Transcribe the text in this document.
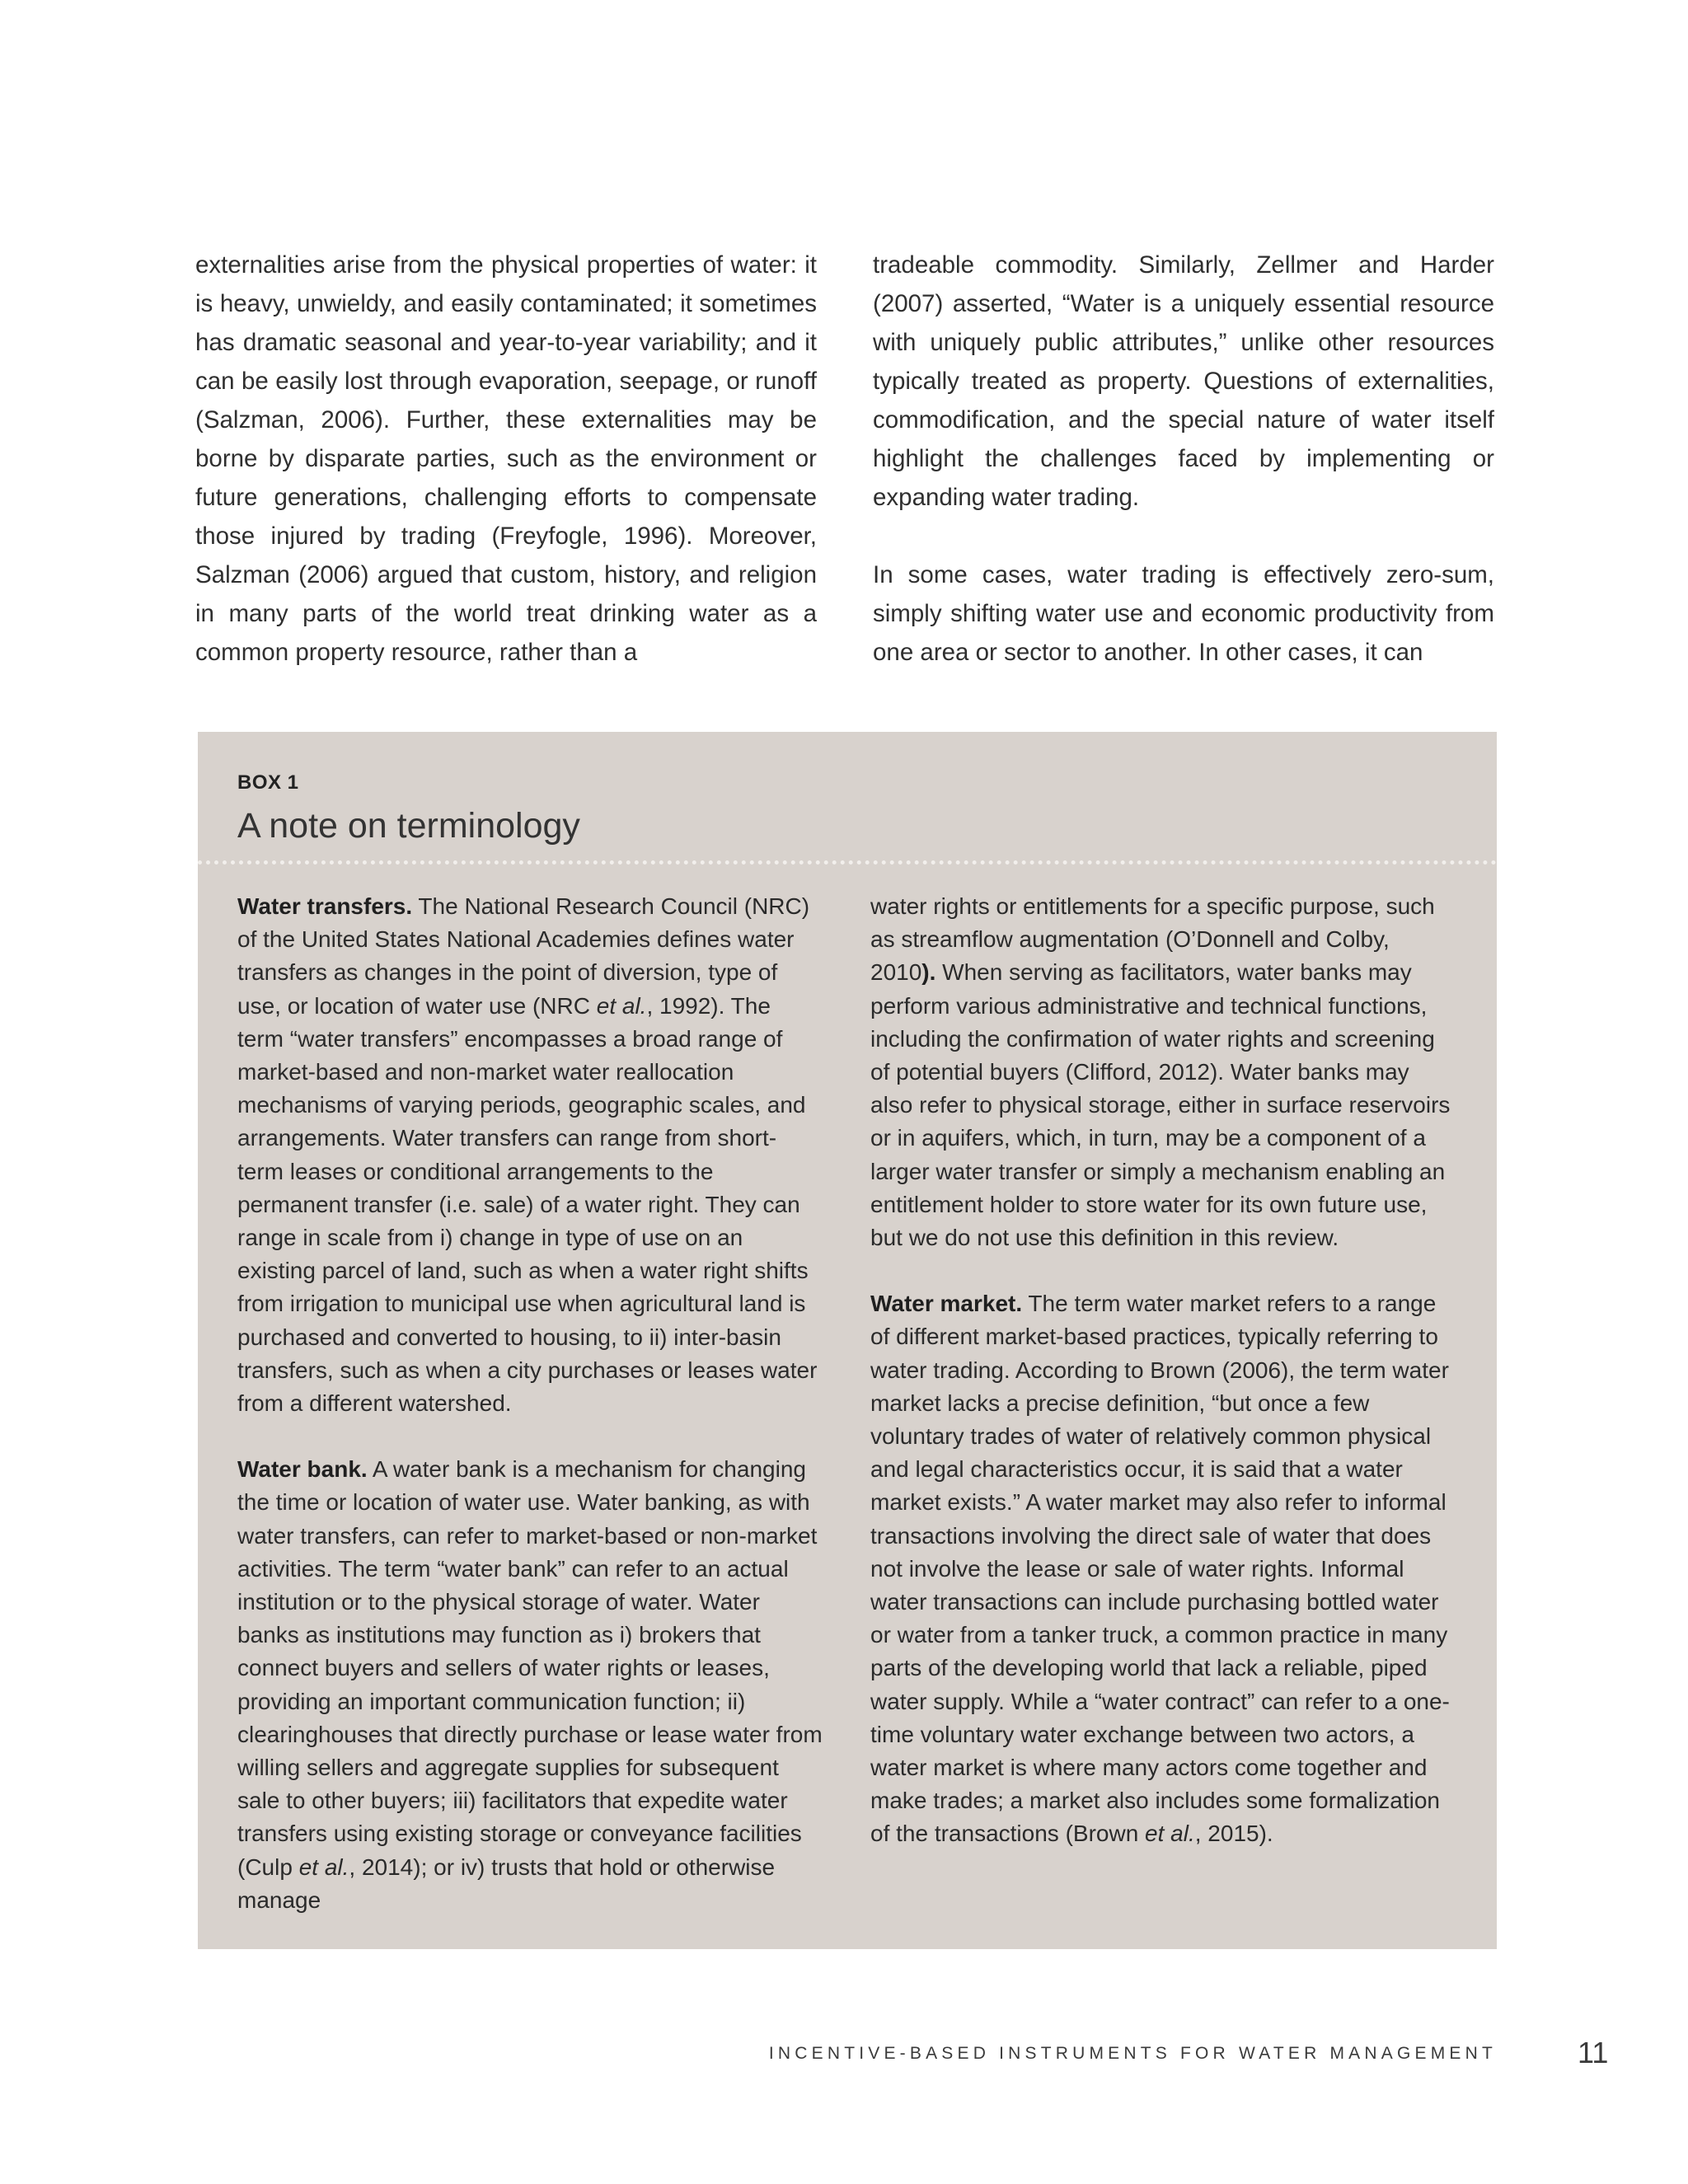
externalities arise from the physical properties of water: it is heavy, unwieldy, and easily contaminated; it sometimes has dramatic seasonal and year-to-year variability; and it can be easily lost through evaporation, seepage, or runoff (Salzman, 2006). Further, these externalities may be borne by disparate parties, such as the environment or future generations, challenging efforts to compensate those injured by trading (Freyfogle, 1996). Moreover, Salzman (2006) argued that custom, history, and religion in many parts of the world treat drinking water as a common property resource, rather than a

tradeable commodity. Similarly, Zellmer and Harder (2007) asserted, “Water is a uniquely essential resource with uniquely public attributes,” unlike other resources typically treated as property. Questions of externalities, commodification, and the special nature of water itself highlight the challenges faced by implementing or expanding water trading.

In some cases, water trading is effectively zero-sum, simply shifting water use and economic productivity from one area or sector to another. In other cases, it can

BOX 1

A note on terminology

Water transfers. The National Research Council (NRC) of the United States National Academies defines water transfers as changes in the point of diversion, type of use, or location of water use (NRC et al., 1992). The term “water transfers” encompasses a broad range of market-based and non-market water reallocation mechanisms of varying periods, geographic scales, and arrangements. Water transfers can range from short-term leases or conditional arrangements to the permanent transfer (i.e. sale) of a water right. They can range in scale from i) change in type of use on an existing parcel of land, such as when a water right shifts from irrigation to municipal use when agricultural land is purchased and converted to housing, to ii) inter-basin transfers, such as when a city purchases or leases water from a different watershed.

Water bank. A water bank is a mechanism for changing the time or location of water use. Water banking, as with water transfers, can refer to market-based or non-market activities. The term “water bank” can refer to an actual institution or to the physical storage of water. Water banks as institutions may function as i) brokers that connect buyers and sellers of water rights or leases, providing an important communication function; ii) clearinghouses that directly purchase or lease water from willing sellers and aggregate supplies for subsequent sale to other buyers; iii) facilitators that expedite water transfers using existing storage or conveyance facilities (Culp et al., 2014); or iv) trusts that hold or otherwise manage

water rights or entitlements for a specific purpose, such as streamflow augmentation (O’Donnell and Colby, 2010). When serving as facilitators, water banks may perform various administrative and technical functions, including the confirmation of water rights and screening of potential buyers (Clifford, 2012). Water banks may also refer to physical storage, either in surface reservoirs or in aquifers, which, in turn, may be a component of a larger water transfer or simply a mechanism enabling an entitlement holder to store water for its own future use, but we do not use this definition in this review.

Water market. The term water market refers to a range of different market-based practices, typically referring to water trading. According to Brown (2006), the term water market lacks a precise definition, “but once a few voluntary trades of water of relatively common physical and legal characteristics occur, it is said that a water market exists.” A water market may also refer to informal transactions involving the direct sale of water that does not involve the lease or sale of water rights. Informal water transactions can include purchasing bottled water or water from a tanker truck, a common practice in many parts of the developing world that lack a reliable, piped water supply. While a “water contract” can refer to a one-time voluntary water exchange between two actors, a water market is where many actors come together and make trades; a market also includes some formalization of the transactions (Brown et al., 2015).

INCENTIVE-BASED INSTRUMENTS FOR WATER MANAGEMENT	11
